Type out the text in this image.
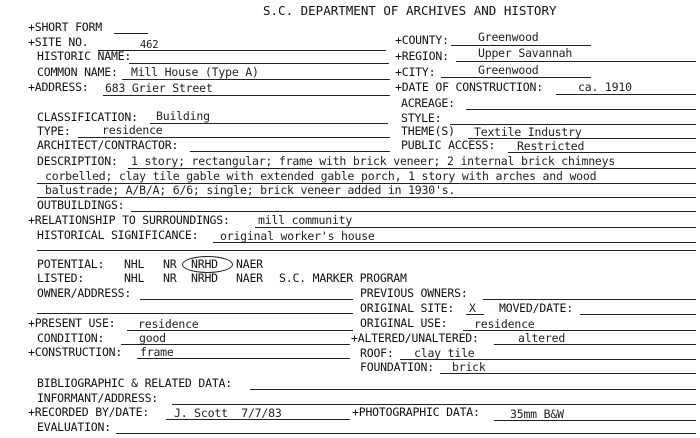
S.C. DEPARTMENT OF ARCHIVES AND HISTORY
+SHORT FORM
+SITE NO.	462	+COUNTY:	Greenwood
HISTORIC NAME:	+REGION:	Upper Savannah
COMMON NAME: Mill House (Type A)	+CITY:	Greenwood
+ADDRESS: 683 Grier Street	+DATE OF CONSTRUCTION:	ca. 1910
ACREAGE:
CLASSIFICATION: Building	STYLE:
TYPE:	residence	THEME(S) Textile Industry
ARCHITECT/CONTRACTOR:	PUBLIC ACCESS: Restricted
DESCRIPTION: 1 story; rectangular; frame with brick veneer; 2 internal brick chimneys
corbelled; clay tile gable with extended gable porch, 1 story with arches and wood
balustrade; A/B/A; 6/6; single; brick veneer added in 1930's.
OUTBUILDINGS:
+RELATIONSHIP TO SURROUNDINGS: mill community
HISTORICAL SIGNIFICANCE: original worker's house
POTENTIAL: NHL NR NRHD NAER
LISTED:	NHL NR NRHD NAER S.C. MARKER PROGRAM
OWNER/ADDRESS:	PREVIOUS OWNERS:
ORIGINAL SITE: X MOVED/DATE:
+PRESENT USE: residence	ORIGINAL USE: residence
CONDITION:	good	+ALTERED/UNALTERED:	altered
+CONSTRUCTION: frame	ROOF: clay tile
FOUNDATION: brick
BIBLIOGRAPHIC & RELATED DATA:
INFORMANT/ADDRESS:
+RECORDED BY/DATE: J. Scott  7/7/83	+PHOTOGRAPHIC DATA:	35mm B&W
EVALUATION:
